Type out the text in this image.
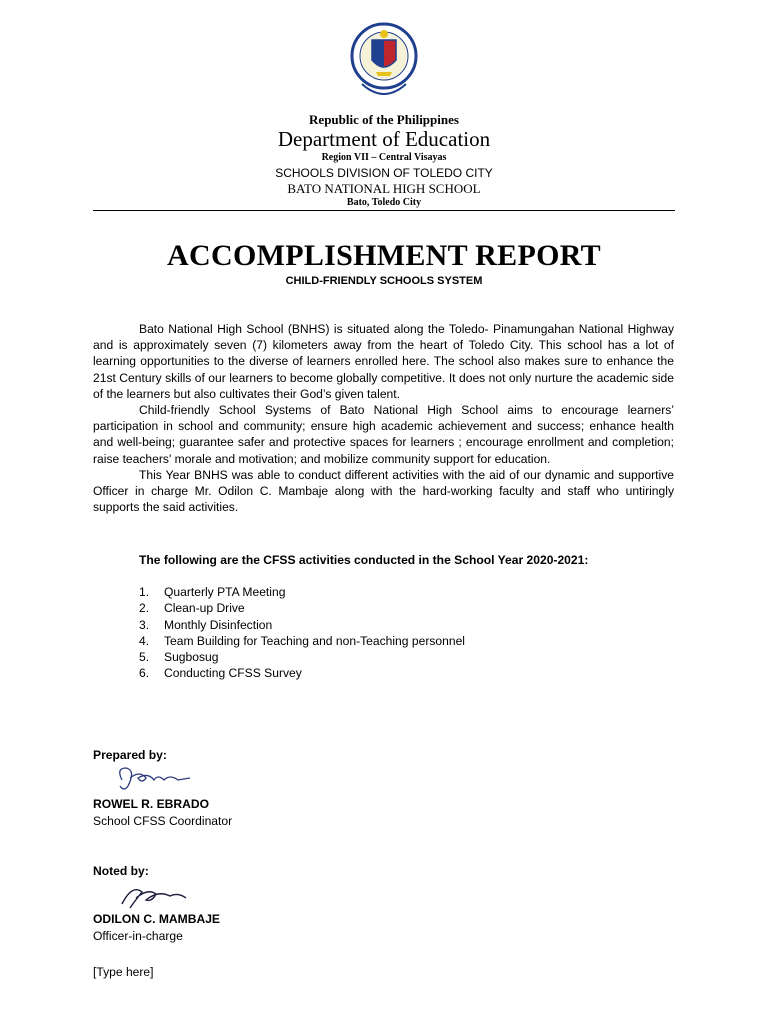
Republic of the Philippines
Department of Education
Region VII – Central Visayas
SCHOOLS DIVISION OF TOLEDO CITY
BATO NATIONAL HIGH SCHOOL
Bato, Toledo City
ACCOMPLISHMENT REPORT
CHILD-FRIENDLY SCHOOLS SYSTEM

Bato National High School (BNHS) is situated along the Toledo- Pinamungahan National Highway and is approximately seven (7) kilometers away from the heart of Toledo City. This school has a lot of learning opportunities to the diverse of learners enrolled here. The school also makes sure to enhance the 21st Century skills of our learners to become globally competitive. It does not only nurture the academic side of the learners but also cultivates their God’s given talent.

Child-friendly School Systems of Bato National High School aims to encourage learners’ participation in school and community; ensure high academic achievement and success; enhance health and well-being; guarantee safer and protective spaces for learners ; encourage enrollment and completion; raise teachers' morale and motivation; and mobilize community support for education.

This Year BNHS was able to conduct different activities with the aid of our dynamic and supportive Officer in charge Mr. Odilon C. Mambaje along with the hard-working faculty and staff who untiringly supports the said activities.

The following are the CFSS activities conducted in the School Year 2020-2021:
1.	Quarterly PTA Meeting
2.	Clean-up Drive
3.	Monthly Disinfection
4.	Team Building for Teaching and non-Teaching personnel
5.	Sugbosug
6.	Conducting CFSS Survey
Prepared by:
ROWEL R. EBRADO
School CFSS Coordinator
Noted by:
ODILON C. MAMBAJE
Officer-in-charge
[Type here]
